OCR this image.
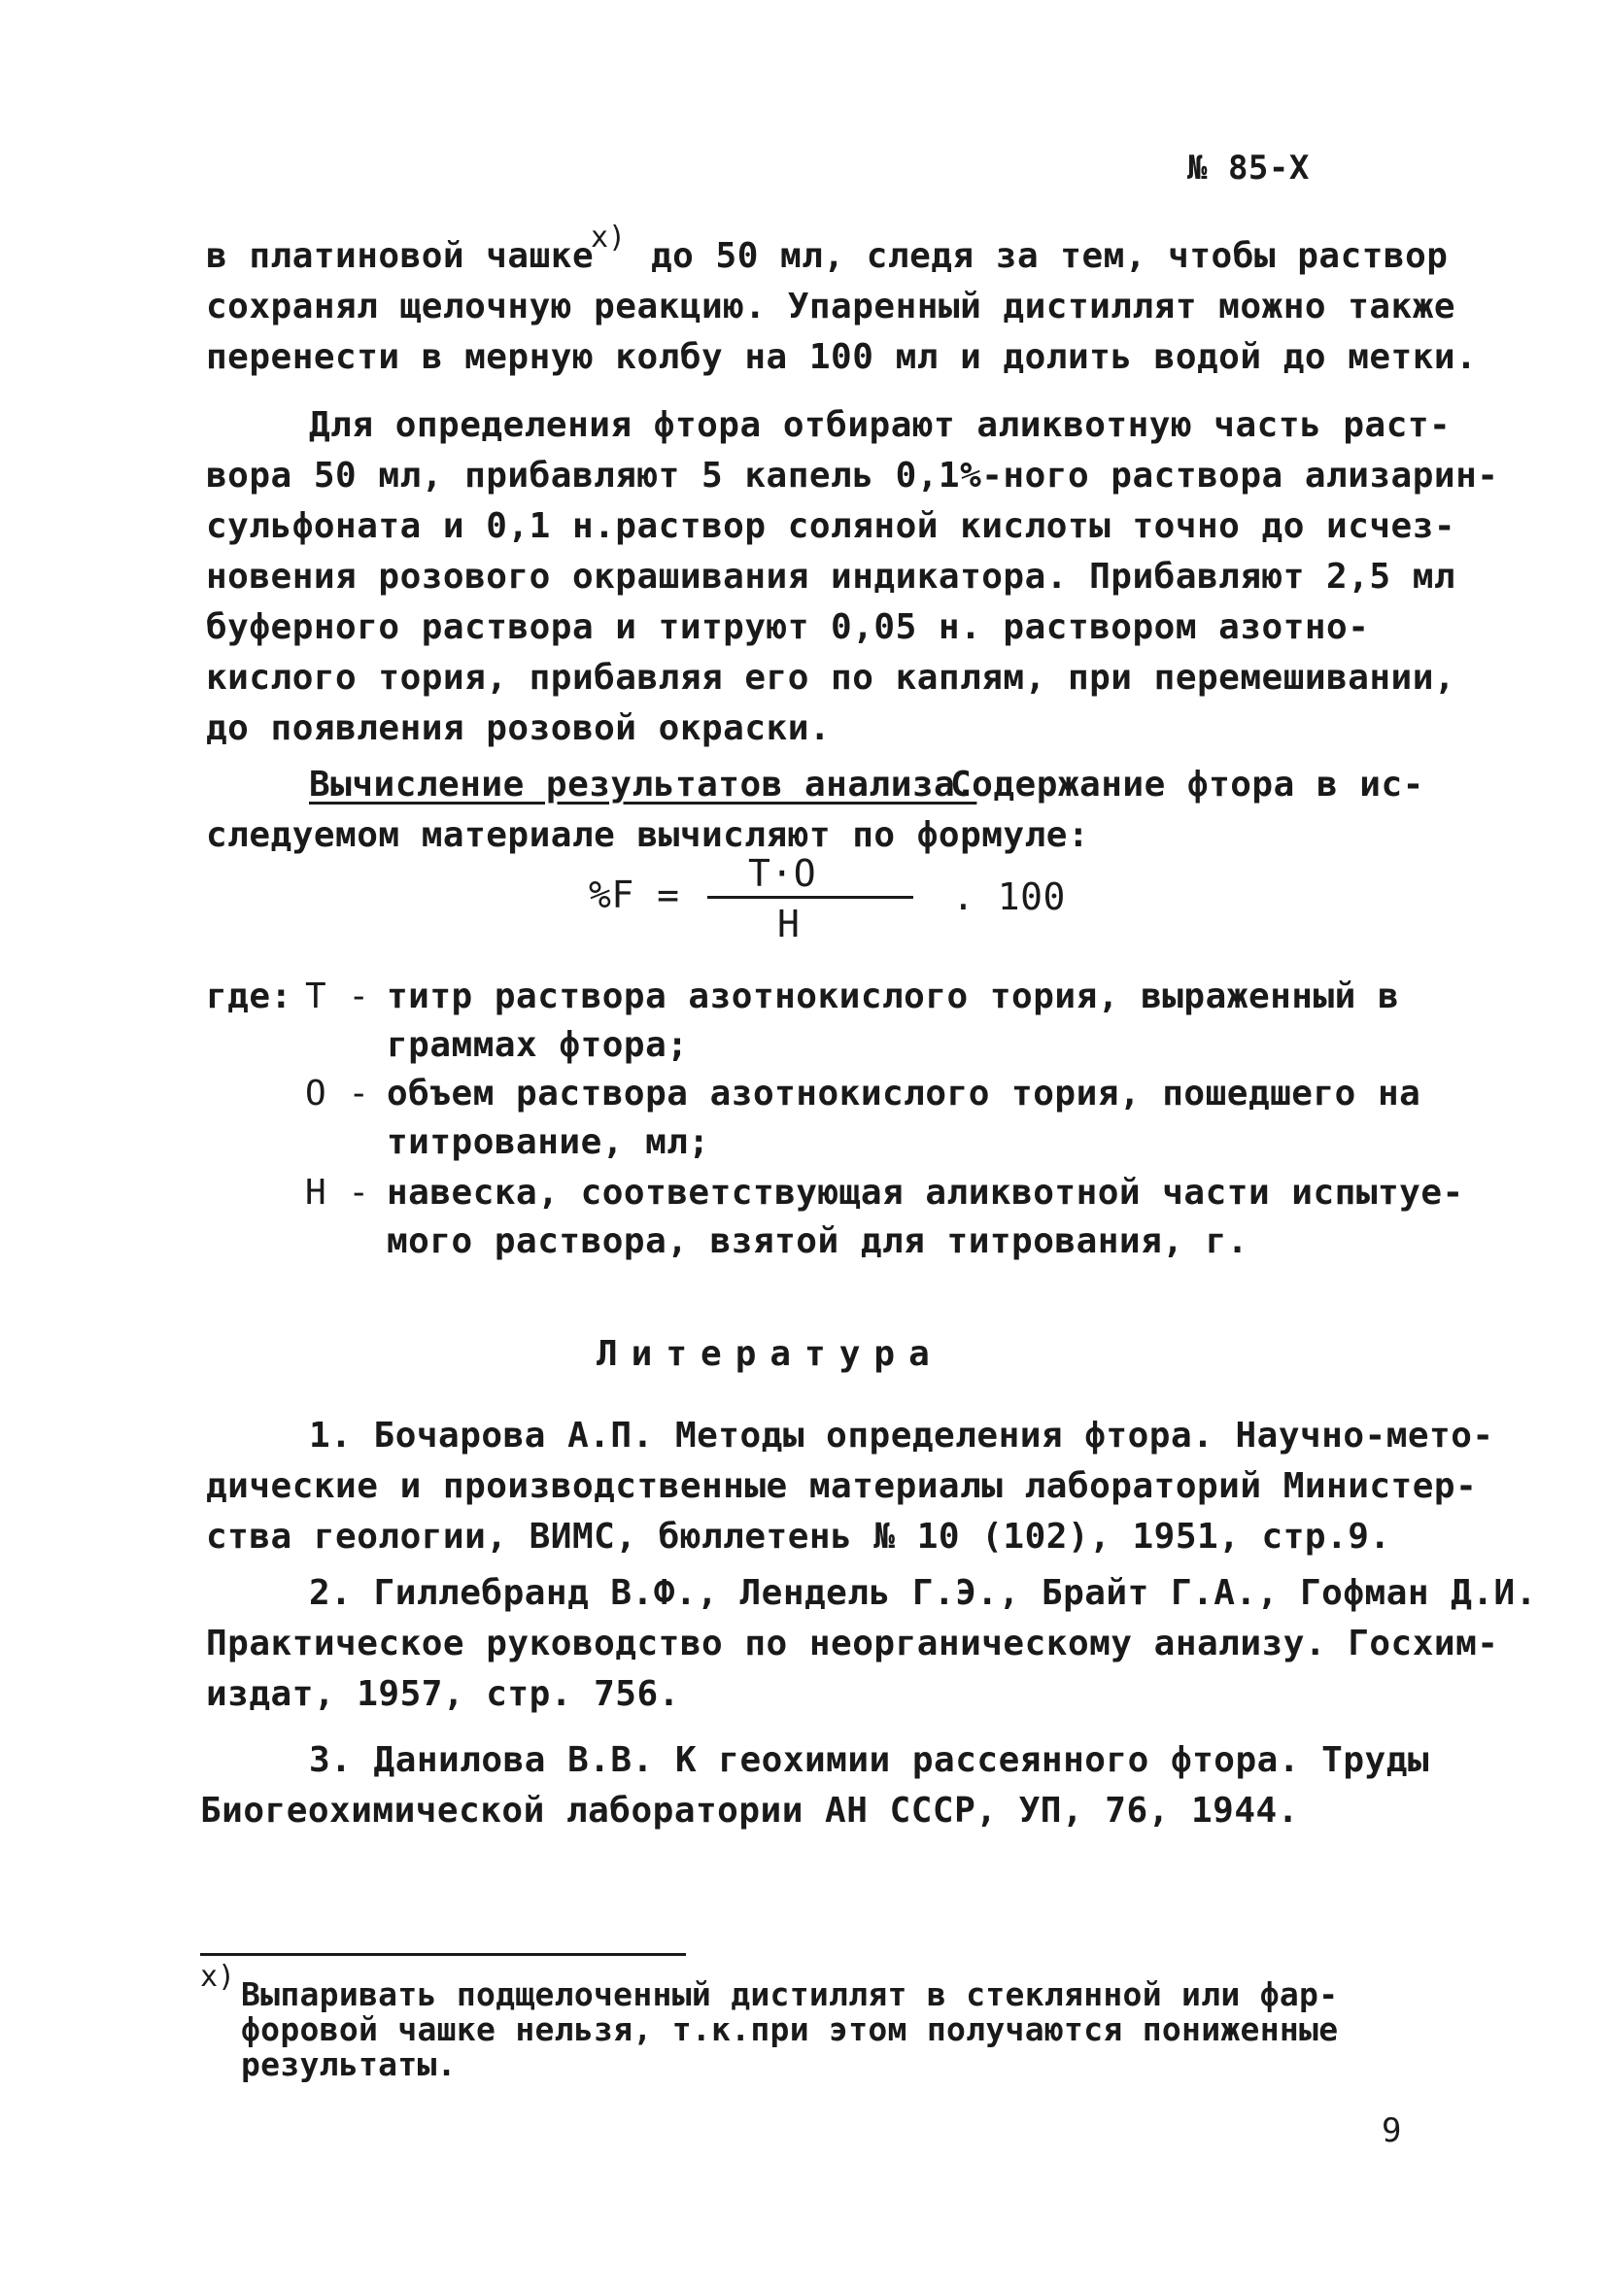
№ 85-Х
в платиновой чашке
х) до 50 мл, следя за тем, чтобы раствор
сохранял щелочную реакцию. Упаренный дистиллят можно также
перенести в мерную колбу на 100 мл и долить водой до метки.
Для определения фтора отбирают аликвотную часть раст-
вора 50 мл, прибавляют 5 капель 0,1%-ного раствора ализарин-
сульфоната и 0,1 н.раствор соляной кислоты точно до исчез-
новения розового окрашивания индикатора. Прибавляют 2,5 мл
буферного раствора и титруют 0,05 н. раствором азотно-
кислого тория, прибавляя его по каплям, при перемешивании,
до появления розовой окраски.
Вычисление результатов анализа.
Содержание фтора в ис-
следуемом материале вычисляют по формуле:
%F = T·O
H
. 100
где: Т - титр раствора азотнокислого тория, выраженный в
граммах фтора;
О - объем раствора азотнокислого тория, пошедшего на
титрование, мл;
Н - навеска, соответствующая аликвотной части испытуе-
мого раствора, взятой для титрования, г.
Литература
1. Бочарова А.П. Методы определения фтора. Научно-мето-
дические и производственные материалы лабораторий Министер-
ства геологии, ВИМС, бюллетень № 10 (102), 1951, стр.9.
2. Гиллебранд В.Ф., Лендель Г.Э., Брайт Г.А., Гофман Д.И.
Практическое руководство по неорганическому анализу. Госхим-
издат, 1957, стр. 756.
3. Данилова В.В. К геохимии рассеянного фтора. Труды
Биогеохимической лаборатории АН СССР, УП, 76, 1944.
х) Выпаривать подщелоченный дистиллят в стеклянной или фар-
форовой чашке нельзя, т.к.при этом получаются пониженные
результаты.
9
